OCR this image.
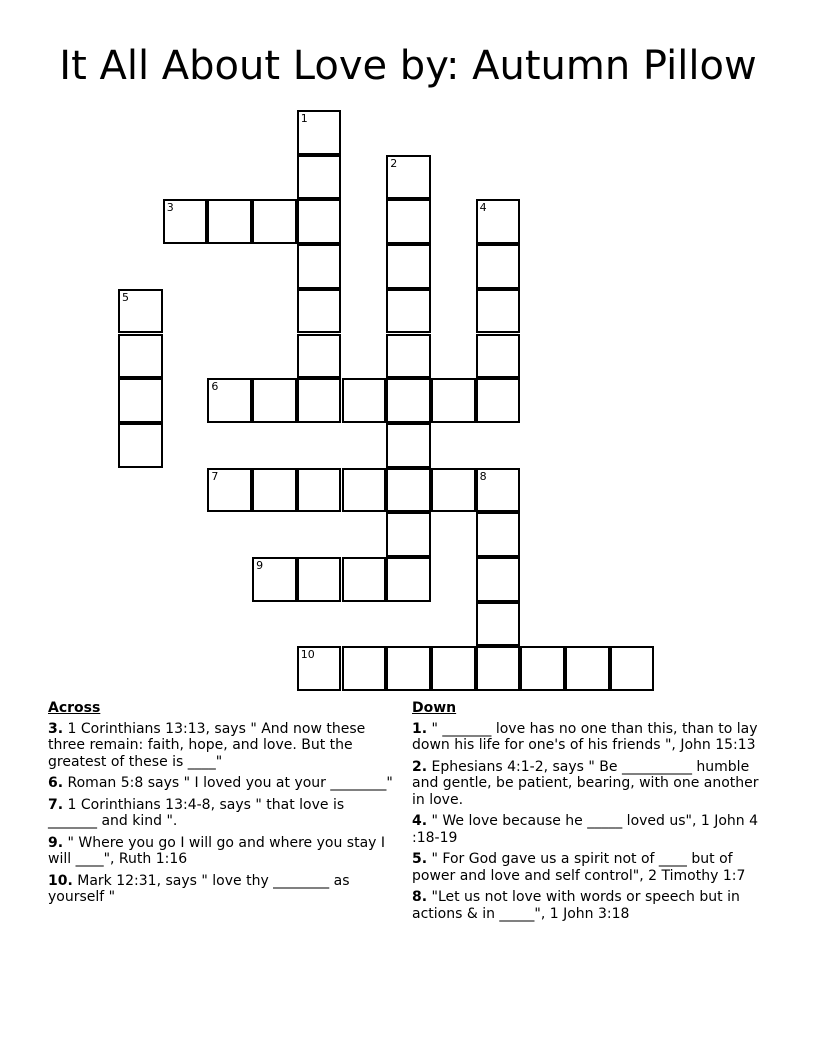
It All About Love by: Autumn Pillow
1
2
3	4
5
6
7	8
9
10
Across
3. 1 Corinthians 13:13, says " And now these three remain: faith, hope, and love. But the greatest of these is ____"
6. Roman 5:8 says " I loved you at your ________"
7. 1 Corinthians 13:4-8, says " that love is _______ and kind ".
9. " Where you go I will go and where you stay I will ____", Ruth 1:16
10. Mark 12:31, says " love thy ________ as yourself "
Down
1. " _______ love has no one than this, than to lay down his life for one's of his friends ", John 15:13
2. Ephesians 4:1-2, says " Be __________ humble and gentle, be patient, bearing, with one another in love.
4. " We love because he _____ loved us", 1 John 4 :18-19
5. " For God gave us a spirit not of ____ but of power and love and self control", 2 Timothy 1:7
8. "Let us not love with words or speech but in actions & in _____", 1 John 3:18
